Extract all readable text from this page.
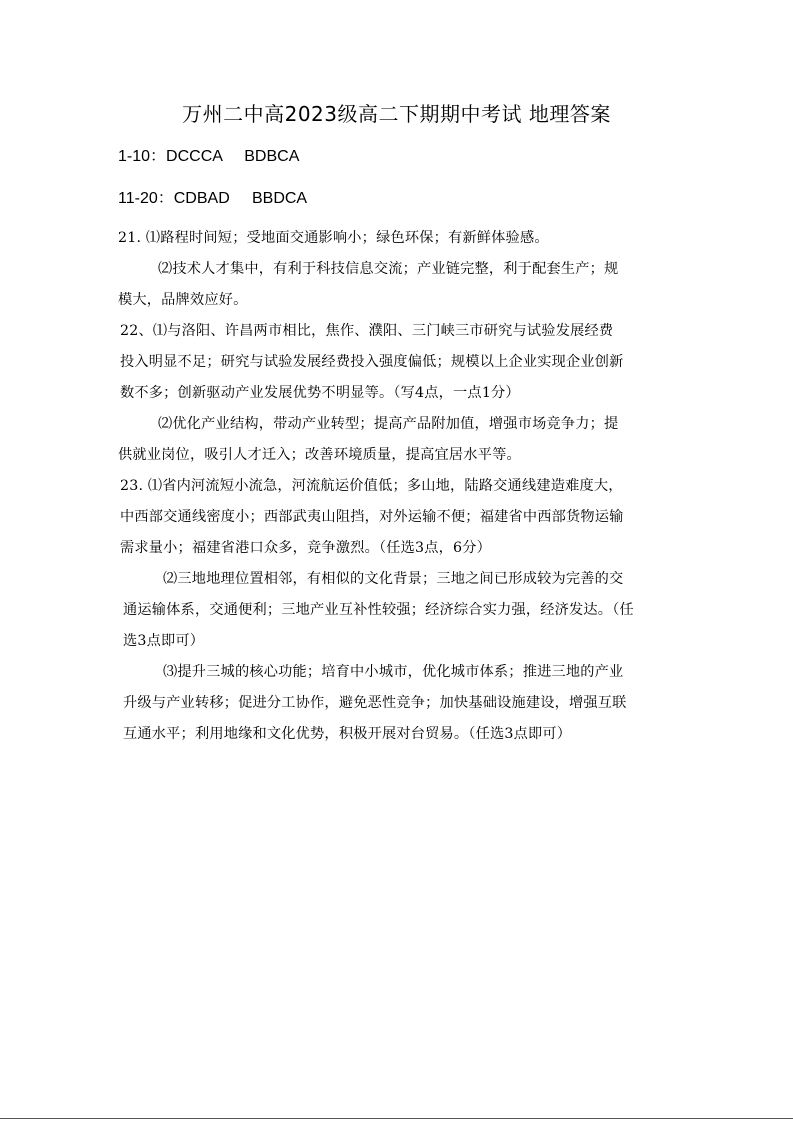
万州二中高2023级高二下期期中考试 地理答案
1-10：DCCCA     BDBCA
11-20：CDBAD     BBDCA
21. ⑴路程时间短；受地面交通影响小；绿色环保；有新鲜体验感。
⑵技术人才集中，有利于科技信息交流；产业链完整，利于配套生产；规
模大，品牌效应好。
22、⑴与洛阳、许昌两市相比，焦作、濮阳、三门峡三市研究与试验发展经费
投入明显不足；研究与试验发展经费投入强度偏低；规模以上企业实现企业创新
数不多；创新驱动产业发展优势不明显等。（写4点，一点1分）
⑵优化产业结构，带动产业转型；提高产品附加值，增强市场竞争力；提
供就业岗位，吸引人才迁入；改善环境质量，提高宜居水平等。
23. ⑴省内河流短小流急，河流航运价值低；多山地，陆路交通线建造难度大，
中西部交通线密度小；西部武夷山阻挡，对外运输不便；福建省中西部货物运输
需求量小；福建省港口众多，竞争激烈。（任选3点，6分）
⑵三地地理位置相邻，有相似的文化背景；三地之间已形成较为完善的交
通运输体系，交通便利；三地产业互补性较强；经济综合实力强，经济发达。（任
选3点即可）
⑶提升三城的核心功能；培育中小城市，优化城市体系；推进三地的产业
升级与产业转移；促进分工协作，避免恶性竞争；加快基础设施建设，增强互联
互通水平；利用地缘和文化优势，积极开展对台贸易。（任选3点即可）
